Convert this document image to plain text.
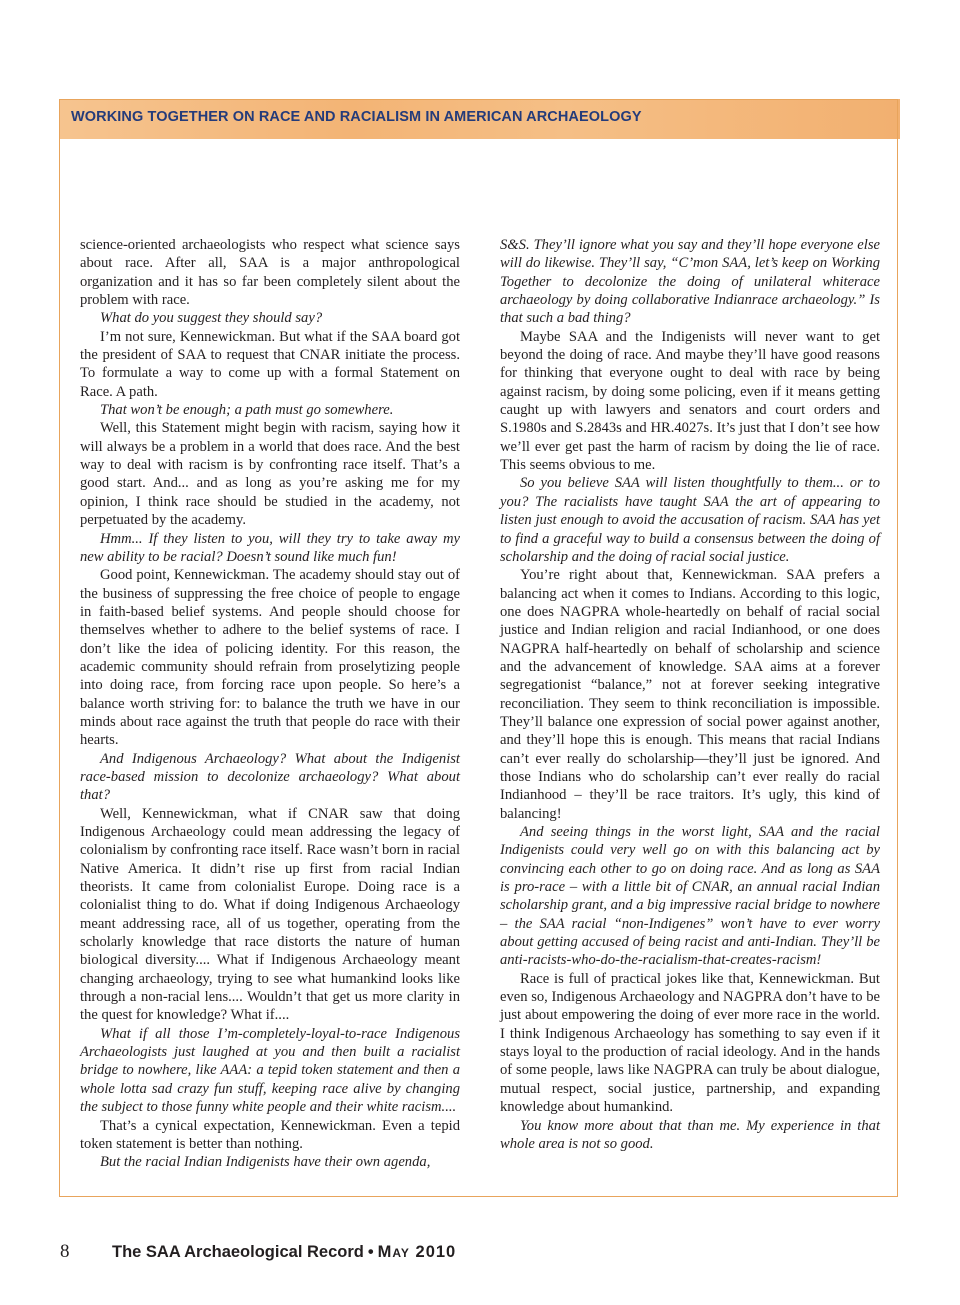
WORKING TOGETHER ON RACE AND RACIALISM IN AMERICAN ARCHAEOLOGY

science-oriented archaeologists who respect what science says about race. After all, SAA is a major anthropological organization and it has so far been completely silent about the problem with race.

What do you suggest they should say?

I’m not sure, Kennewickman. But what if the SAA board got the president of SAA to request that CNAR initiate the process. To formulate a way to come up with a formal Statement on Race. A path.

That won’t be enough; a path must go somewhere.

Well, this Statement might begin with racism, saying how it will always be a problem in a world that does race. And the best way to deal with racism is by confronting race itself. That’s a good start. And... and as long as you’re asking me for my opinion, I think race should be studied in the academy, not perpetuated by the academy.

Hmm... If they listen to you, will they try to take away my new ability to be racial? Doesn’t sound like much fun!

Good point, Kennewickman. The academy should stay out of the business of suppressing the free choice of people to engage in faith-based belief systems. And people should choose for themselves whether to adhere to the belief systems of race. I don’t like the idea of policing identity. For this reason, the academic community should refrain from proselytizing people into doing race, from forcing race upon people. So here’s a balance worth striving for: to balance the truth we have in our minds about race against the truth that people do race with their hearts.

And Indigenous Archaeology? What about the Indigenist race-based mission to decolonize archaeology? What about that?

Well, Kennewickman, what if CNAR saw that doing Indigenous Archaeology could mean addressing the legacy of colonialism by confronting race itself. Race wasn’t born in racial Native America. It didn’t rise up first from racial Indian theorists. It came from colonialist Europe. Doing race is a colonialist thing to do. What if doing Indigenous Archaeology meant addressing race, all of us together, operating from the scholarly knowledge that race distorts the nature of human biological diversity.... What if Indigenous Archaeology meant changing archaeology, trying to see what humankind looks like through a non-racial lens.... Wouldn’t that get us more clarity in the quest for knowledge? What if....

What if all those I’m-completely-loyal-to-race Indigenous Archaeologists just laughed at you and then built a racialist bridge to nowhere, like AAA: a tepid token statement and then a whole lotta sad crazy fun stuff, keeping race alive by changing the subject to those funny white people and their white racism....

That’s a cynical expectation, Kennewickman. Even a tepid token statement is better than nothing.

But the racial Indian Indigenists have their own agenda,

S&S. They’ll ignore what you say and they’ll hope everyone else will do likewise. They’ll say, “C’mon SAA, let’s keep on Working Together to decolonize the doing of unilateral whiterace archaeology by doing collaborative Indianrace archaeology.” Is that such a bad thing?

Maybe SAA and the Indigenists will never want to get beyond the doing of race. And maybe they’ll have good reasons for thinking that everyone ought to deal with race by being against racism, by doing some policing, even if it means getting caught up with lawyers and senators and court orders and S.1980s and S.2843s and HR.4027s. It’s just that I don’t see how we’ll ever get past the harm of racism by doing the lie of race. This seems obvious to me.

So you believe SAA will listen thoughtfully to them... or to you? The racialists have taught SAA the art of appearing to listen just enough to avoid the accusation of racism. SAA has yet to find a graceful way to build a consensus between the doing of scholarship and the doing of racial social justice.

You’re right about that, Kennewickman. SAA prefers a balancing act when it comes to Indians. According to this logic, one does NAGPRA whole-heartedly on behalf of racial social justice and Indian religion and racial Indianhood, or one does NAGPRA half-heartedly on behalf of scholarship and science and the advancement of knowledge. SAA aims at a forever segregationist “balance,” not at forever seeking integrative reconciliation. They seem to think reconciliation is impossible. They’ll balance one expression of social power against another, and they’ll hope this is enough. This means that racial Indians can’t ever really do scholarship—they’ll just be ignored. And those Indians who do scholarship can’t ever really do racial Indianhood – they’ll be race traitors. It’s ugly, this kind of balancing!

And seeing things in the worst light, SAA and the racial Indigenists could very well go on with this balancing act by convincing each other to go on doing race. And as long as SAA is pro-race – with a little bit of CNAR, an annual racial Indian scholarship grant, and a big impressive racial bridge to nowhere – the SAA racial “non-Indigenes” won’t have to ever worry about getting accused of being racist and anti-Indian. They’ll be anti-racists-who-do-the-racialism-that-creates-racism!

Race is full of practical jokes like that, Kennewickman. But even so, Indigenous Archaeology and NAGPRA don’t have to be just about empowering the doing of ever more race in the world. I think Indigenous Archaeology has something to say even if it stays loyal to the production of racial ideology. And in the hands of some people, laws like NAGPRA can truly be about dialogue, mutual respect, social justice, partnership, and expanding knowledge about humankind.

You know more about that than me. My experience in that whole area is not so good.

8	The SAA Archaeological Record • May 2010
